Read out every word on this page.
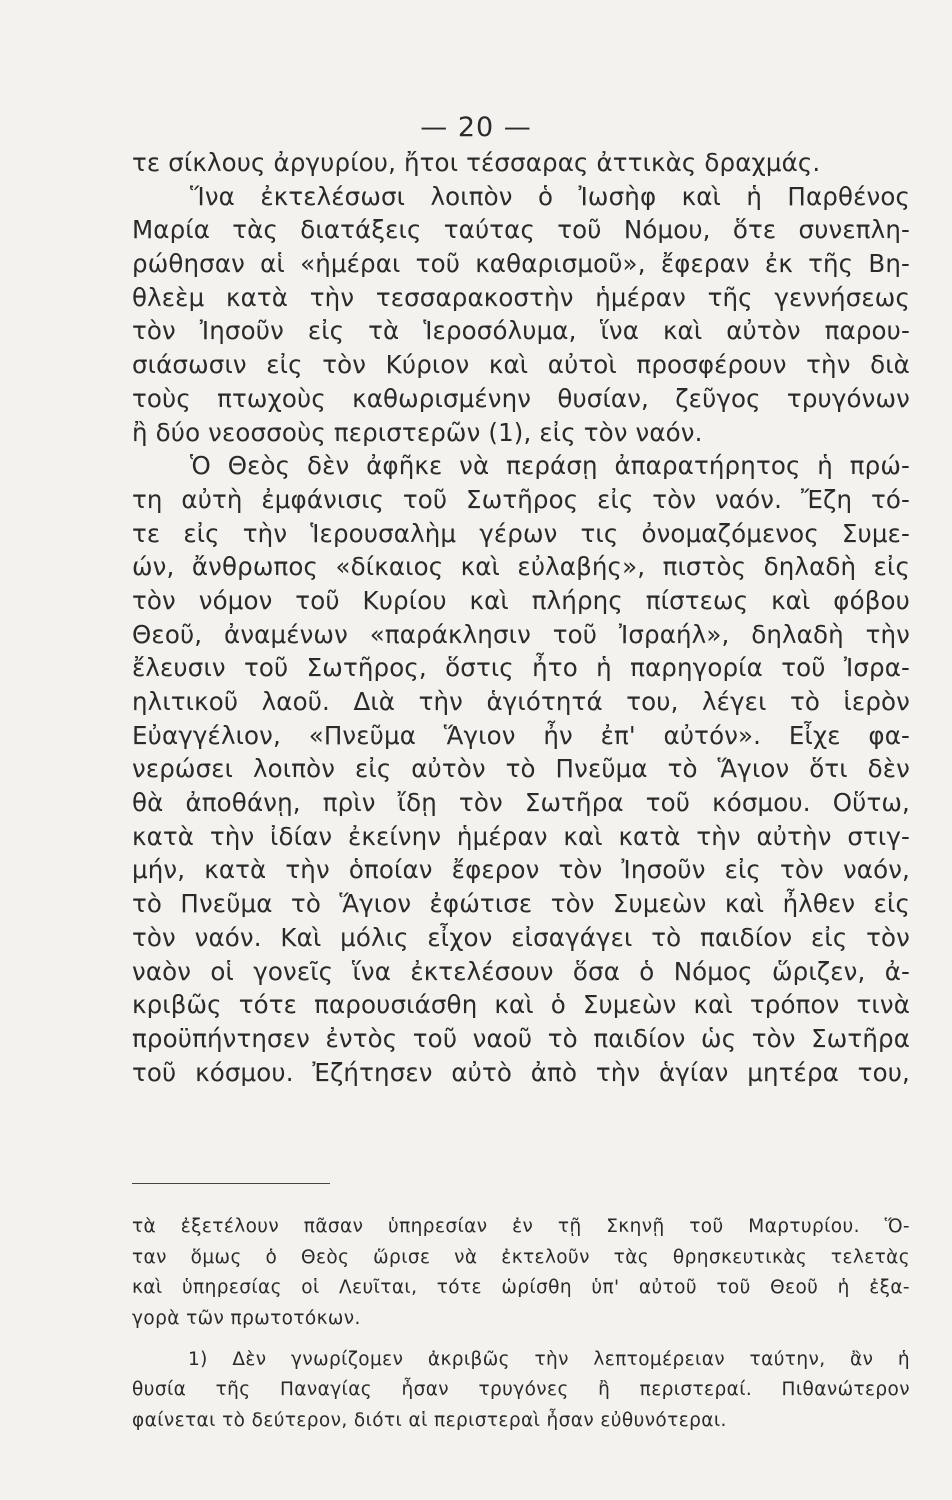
— 20 —
τε σίκλους ἀργυρίου, ἤτοι τέσσαρας ἀττικὰς δραχμάς.
Ἵνα ἐκτελέσωσι λοιπὸν ὁ Ἰωσὴφ καὶ ἡ Παρθένος
Μαρία τὰς διατάξεις ταύτας τοῦ Νόμου, ὅτε συνεπλη-
ρώθησαν αἱ «ἡμέραι τοῦ καθαρισμοῦ», ἔφεραν ἐκ τῆς Βη-
θλεὲμ κατὰ τὴν τεσσαρακοστὴν ἡμέραν τῆς γεννήσεως
τὸν Ἰησοῦν εἰς τὰ Ἱεροσόλυμα, ἵνα καὶ αὐτὸν παρου-
σιάσωσιν εἰς τὸν Κύριον καὶ αὐτοὶ προσφέρουν τὴν διὰ
τοὺς πτωχοὺς καθωρισμένην θυσίαν, ζεῦγος τρυγόνων
ἢ δύο νεοσσοὺς περιστερῶν (1), εἰς τὸν ναόν.
Ὁ Θεὸς δὲν ἀφῆκε νὰ περάσῃ ἀπαρατήρητος ἡ πρώ-
τη αὐτὴ ἐμφάνισις τοῦ Σωτῆρος εἰς τὸν ναόν. Ἔζη τό-
τε εἰς τὴν Ἱερουσαλὴμ γέρων τις ὀνομαζόμενος Συμε-
ών, ἄνθρωπος «δίκαιος καὶ εὐλαβής», πιστὸς δηλαδὴ εἰς
τὸν νόμον τοῦ Κυρίου καὶ πλήρης πίστεως καὶ φόβου
Θεοῦ, ἀναμένων «παράκλησιν τοῦ Ἰσραήλ», δηλαδὴ τὴν
ἔλευσιν τοῦ Σωτῆρος, ὅστις ἦτο ἡ παρηγορία τοῦ Ἰσρα-
ηλιτικοῦ λαοῦ. Διὰ τὴν ἁγιότητά του, λέγει τὸ ἱερὸν
Εὐαγγέλιον, «Πνεῦμα Ἅγιον ἦν ἐπ' αὐτόν». Εἶχε φα-
νερώσει λοιπὸν εἰς αὐτὸν τὸ Πνεῦμα τὸ Ἅγιον ὅτι δὲν
θὰ ἀποθάνῃ, πρὶν ἴδῃ τὸν Σωτῆρα τοῦ κόσμου. Οὕτω,
κατὰ τὴν ἰδίαν ἐκείνην ἡμέραν καὶ κατὰ τὴν αὐτὴν στιγ-
μήν, κατὰ τὴν ὁποίαν ἔφερον τὸν Ἰησοῦν εἰς τὸν ναόν,
τὸ Πνεῦμα τὸ Ἅγιον ἐφώτισε τὸν Συμεὼν καὶ ἦλθεν εἰς
τὸν ναόν. Καὶ μόλις εἶχον εἰσαγάγει τὸ παιδίον εἰς τὸν
ναὸν οἱ γονεῖς ἵνα ἐκτελέσουν ὅσα ὁ Νόμος ὥριζεν, ἀ-
κριβῶς τότε παρουσιάσθη καὶ ὁ Συμεὼν καὶ τρόπον τινὰ
προϋπήντησεν ἐντὸς τοῦ ναοῦ τὸ παιδίον ὡς τὸν Σωτῆρα
τοῦ κόσμου. Ἐζήτησεν αὐτὸ ἀπὸ τὴν ἁγίαν μητέρα του,
τὰ ἐξετέλουν πᾶσαν ὑπηρεσίαν ἐν τῇ Σκηνῇ τοῦ Μαρτυρίου. Ὅ-
ταν ὅμως ὁ Θεὸς ὥρισε νὰ ἐκτελοῦν τὰς θρησκευτικὰς τελετὰς
καὶ ὑπηρεσίας οἱ Λευῖται, τότε ὡρίσθη ὑπ' αὐτοῦ τοῦ Θεοῦ ἡ ἐξα-
γορὰ τῶν πρωτοτόκων.
1) Δὲν γνωρίζομεν ἀκριβῶς τὴν λεπτομέρειαν ταύτην, ἂν ἡ
θυσία τῆς Παναγίας ἦσαν τρυγόνες ἢ περιστεραί. Πιθανώτερον
φαίνεται τὸ δεύτερον, διότι αἱ περιστεραὶ ἦσαν εὐθυνότεραι.
